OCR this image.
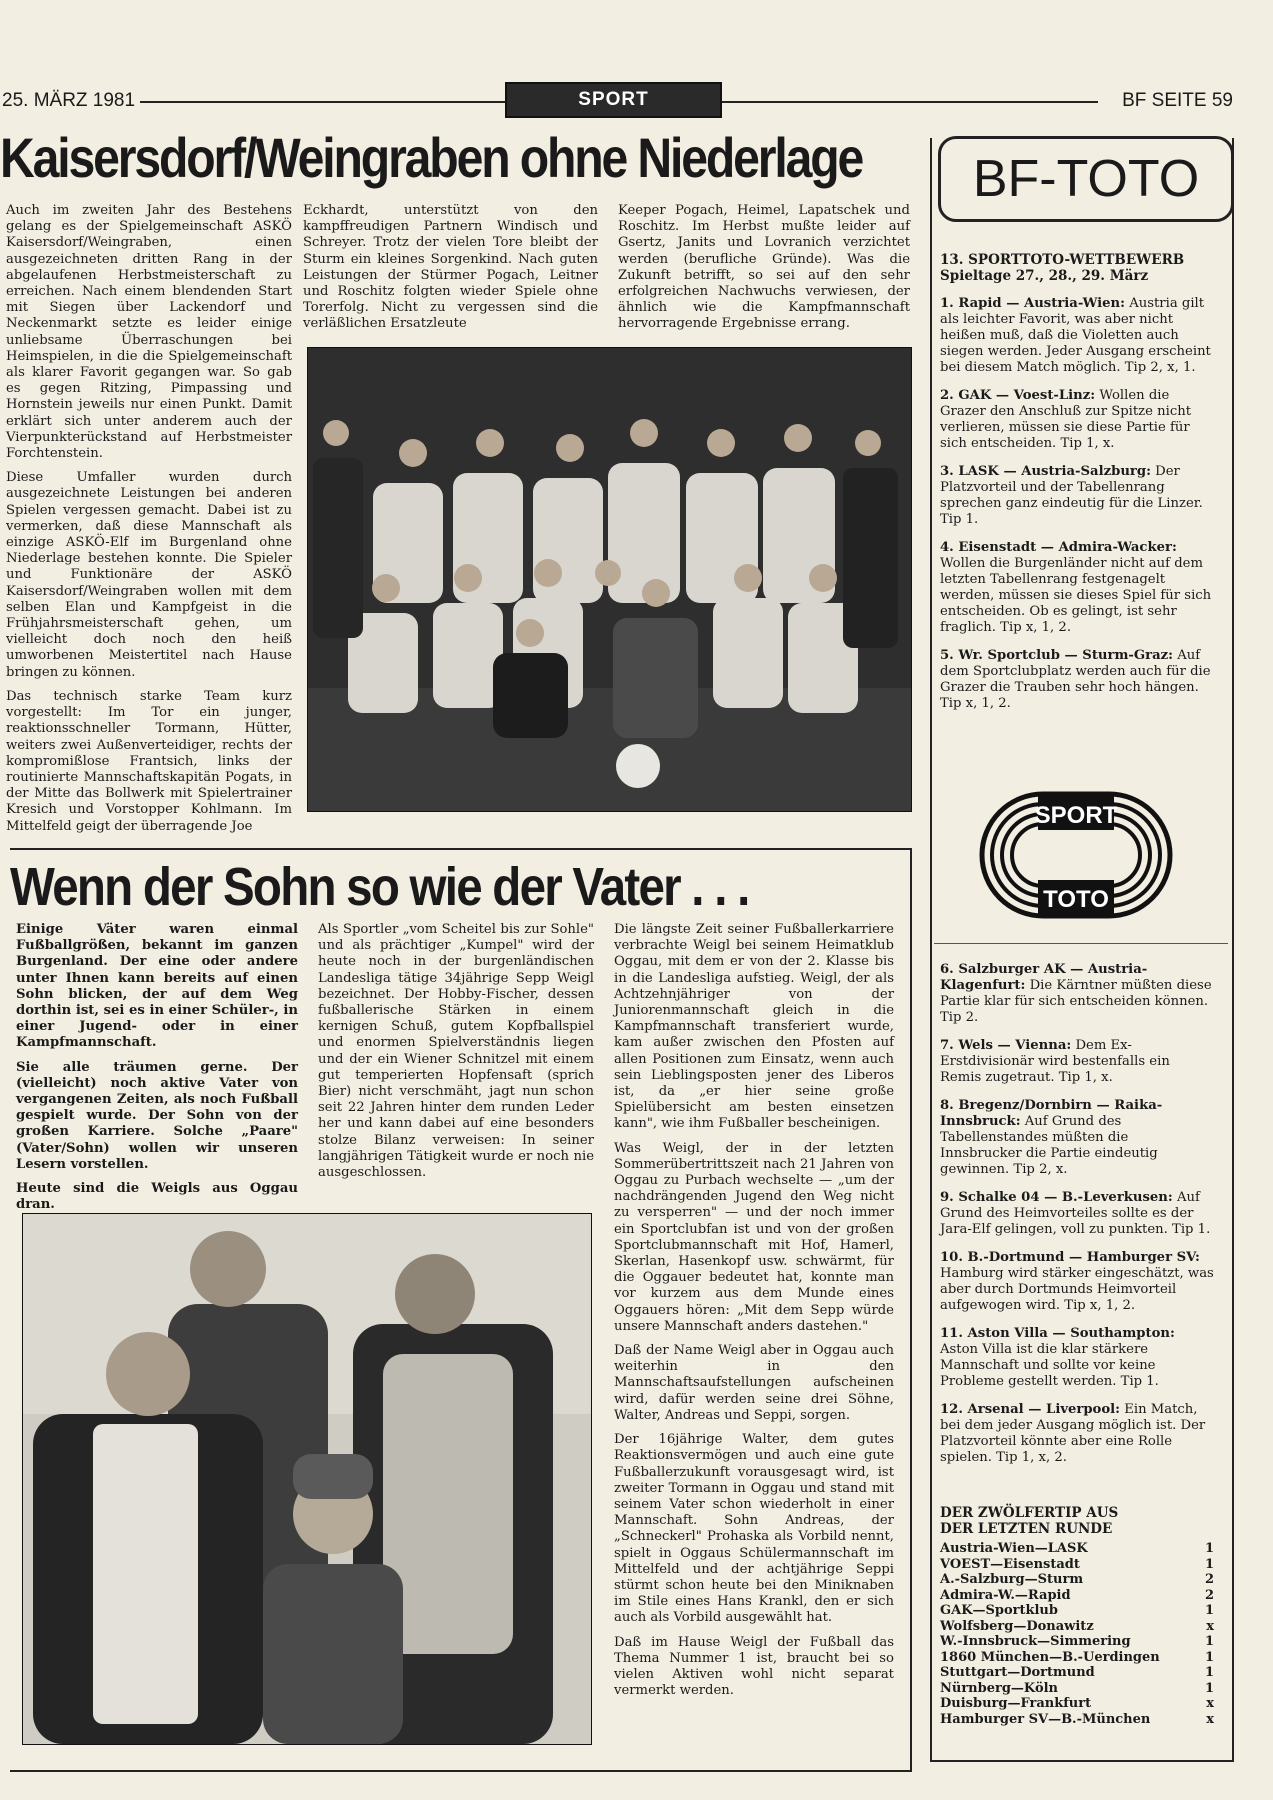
25. MÄRZ 1981	SPORT	BF SEITE 59
Kaisersdorf/Weingraben ohne Niederlage

Auch im zweiten Jahr des Bestehens gelang es der Spielgemeinschaft ASKÖ Kaisersdorf/Weingraben, einen ausgezeichneten dritten Rang in der abgelaufenen Herbstmeisterschaft zu erreichen. Nach einem blendenden Start mit Siegen über Lackendorf und Neckenmarkt setzte es leider einige unliebsame Überraschungen bei Heimspielen, in die die Spielgemeinschaft als klarer Favorit gegangen war. So gab es gegen Ritzing, Pimpassing und Hornstein jeweils nur einen Punkt. Damit erklärt sich unter anderem auch der Vierpunkterückstand auf Herbstmeister Forchtenstein.

Diese Umfaller wurden durch ausgezeichnete Leistungen bei anderen Spielen vergessen gemacht. Dabei ist zu vermerken, daß diese Mannschaft als einzige ASKÖ-Elf im Burgenland ohne Niederlage bestehen konnte. Die Spieler und Funktionäre der ASKÖ Kaisersdorf/Weingraben wollen mit dem selben Elan und Kampfgeist in die Frühjahrsmeisterschaft gehen, um vielleicht doch noch den heiß umworbenen Meistertitel nach Hause bringen zu können.

Das technisch starke Team kurz vorgestellt: Im Tor ein junger, reaktionsschneller Tormann, Hütter, weiters zwei Außenverteidiger, rechts der kompromißlose Frantsich, links der routinierte Mannschaftskapitän Pogats, in der Mitte das Bollwerk mit Spielertrainer Kresich und Vorstopper Kohlmann. Im Mittelfeld geigt der überragende Joe

Eckhardt, unterstützt von den kampffreudigen Partnern Windisch und Schreyer. Trotz der vielen Tore bleibt der Sturm ein kleines Sorgenkind. Nach guten Leistungen der Stürmer Pogach, Leitner und Roschitz folgten wieder Spiele ohne Torerfolg. Nicht zu vergessen sind die verläßlichen Ersatzleute

Keeper Pogach, Heimel, Lapatschek und Roschitz. Im Herbst mußte leider auf Gsertz, Janits und Lovranich verzichtet werden (berufliche Gründe). Was die Zukunft betrifft, so sei auf den sehr erfolgreichen Nachwuchs verwiesen, der ähnlich wie die Kampfmannschaft hervorragende Ergebnisse errang.

Wenn der Sohn so wie der Vater . . .

Einige Väter waren einmal Fußballgrößen, bekannt im ganzen Burgenland. Der eine oder andere unter Ihnen kann bereits auf einen Sohn blicken, der auf dem Weg dorthin ist, sei es in einer Schüler-, in einer Jugend- oder in einer Kampfmannschaft.

Sie alle träumen gerne. Der (vielleicht) noch aktive Vater von vergangenen Zeiten, als noch Fußball gespielt wurde. Der Sohn von der großen Karriere. Solche „Paare" (Vater/Sohn) wollen wir unseren Lesern vorstellen.

Heute sind die Weigls aus Oggau dran.

Als Sportler „vom Scheitel bis zur Sohle" und als prächtiger „Kumpel" wird der heute noch in der burgenländischen Landesliga tätige 34jährige Sepp Weigl bezeichnet. Der Hobby-Fischer, dessen fußballerische Stärken in einem kernigen Schuß, gutem Kopfballspiel und enormen Spielverständnis liegen und der ein Wiener Schnitzel mit einem gut temperierten Hopfensaft (sprich Bier) nicht verschmäht, jagt nun schon seit 22 Jahren hinter dem runden Leder her und kann dabei auf eine besonders stolze Bilanz verweisen: In seiner langjährigen Tätigkeit wurde er noch nie ausgeschlossen.

Die längste Zeit seiner Fußballerkarriere verbrachte Weigl bei seinem Heimatklub Oggau, mit dem er von der 2. Klasse bis in die Landesliga aufstieg. Weigl, der als Achtzehnjähriger von der Juniorenmannschaft gleich in die Kampfmannschaft transferiert wurde, kam außer zwischen den Pfosten auf allen Positionen zum Einsatz, wenn auch sein Lieblingsposten jener des Liberos ist, da „er hier seine große Spielübersicht am besten einsetzen kann", wie ihm Fußballer bescheinigen.

Was Weigl, der in der letzten Sommerübertrittszeit nach 21 Jahren von Oggau zu Purbach wechselte — „um der nachdrängenden Jugend den Weg nicht zu versperren" — und der noch immer ein Sportclubfan ist und von der großen Sportclubmannschaft mit Hof, Hamerl, Skerlan, Hasenkopf usw. schwärmt, für die Oggauer bedeutet hat, konnte man vor kurzem aus dem Munde eines Oggauers hören: „Mit dem Sepp würde unsere Mannschaft anders dastehen."

Daß der Name Weigl aber in Oggau auch weiterhin in den Mannschaftsaufstellungen aufscheinen wird, dafür werden seine drei Söhne, Walter, Andreas und Seppi, sorgen.

Der 16jährige Walter, dem gutes Reaktionsvermögen und auch eine gute Fußballerzukunft vorausgesagt wird, ist zweiter Tormann in Oggau und stand mit seinem Vater schon wiederholt in einer Mannschaft. Sohn Andreas, der „Schneckerl" Prohaska als Vorbild nennt, spielt in Oggaus Schülermannschaft im Mittelfeld und der achtjährige Seppi stürmt schon heute bei den Miniknaben im Stile eines Hans Krankl, den er sich auch als Vorbild ausgewählt hat.

Daß im Hause Weigl der Fußball das Thema Nummer 1 ist, braucht bei so vielen Aktiven wohl nicht separat vermerkt werden.

BF-TOTO
13. SPORTTOTO-WETTBEWERB
Spieltage 27., 28., 29. März

1. Rapid — Austria-Wien: Austria gilt als leichter Favorit, was aber nicht heißen muß, daß die Violetten auch siegen werden. Jeder Ausgang erscheint bei diesem Match möglich. Tip 2, x, 1.

2. GAK — Voest-Linz: Wollen die Grazer den Anschluß zur Spitze nicht verlieren, müssen sie diese Partie für sich entscheiden. Tip 1, x.

3. LASK — Austria-Salzburg: Der Platzvorteil und der Tabellenrang sprechen ganz eindeutig für die Linzer. Tip 1.

4. Eisenstadt — Admira-Wacker: Wollen die Burgenländer nicht auf dem letzten Tabellenrang festgenagelt werden, müssen sie dieses Spiel für sich entscheiden. Ob es gelingt, ist sehr fraglich. Tip x, 1, 2.

5. Wr. Sportclub — Sturm-Graz: Auf dem Sportclubplatz werden auch für die Grazer die Trauben sehr hoch hängen. Tip x, 1, 2.

SPORT
TOTO

6. Salzburger AK — Austria-Klagenfurt: Die Kärntner müßten diese Partie klar für sich entscheiden können. Tip 2.

7. Wels — Vienna: Dem Ex-Erstdivisionär wird bestenfalls ein Remis zugetraut. Tip 1, x.

8. Bregenz/Dornbirn — Raika-Innsbruck: Auf Grund des Tabellenstandes müßten die Innsbrucker die Partie eindeutig gewinnen. Tip 2, x.

9. Schalke 04 — B.-Leverkusen: Auf Grund des Heimvorteiles sollte es der Jara-Elf gelingen, voll zu punkten. Tip 1.

10. B.-Dortmund — Hamburger SV: Hamburg wird stärker eingeschätzt, was aber durch Dortmunds Heimvorteil aufgewogen wird. Tip x, 1, 2.

11. Aston Villa — Southampton: Aston Villa ist die klar stärkere Mannschaft und sollte vor keine Probleme gestellt werden. Tip 1.

12. Arsenal — Liverpool: Ein Match, bei dem jeder Ausgang möglich ist. Der Platzvorteil könnte aber eine Rolle spielen. Tip 1, x, 2.

DER ZWÖLFERTIP AUS DER LETZTEN RUNDE
Austria-Wien—LASK	1
VOEST—Eisenstadt	1
A.-Salzburg—Sturm	2
Admira-W.—Rapid	2
GAK—Sportklub	1
Wolfsberg—Donawitz	x
W.-Innsbruck—Simmering	1
1860 München—B.-Uerdingen	1
Stuttgart—Dortmund	1
Nürnberg—Köln	1
Duisburg—Frankfurt	x
Hamburger SV—B.-München	x
